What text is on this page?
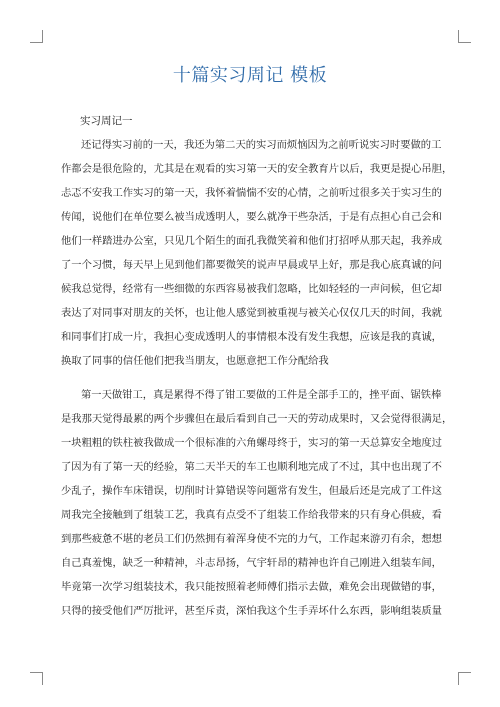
十篇实习周记 模板
实习周记一
还记得实习前的一天，我还为第二天的实习而烦恼因为之前听说实习时要做的工
作都会是很危险的，尤其是在观看的实习第一天的安全教育片以后，我更是提心吊胆，
忐忑不安我工作实习的第一天，我怀着惴惴不安的心情，之前听过很多关于实习生的
传闻，说他们在单位要么被当成透明人，要么就净干些杂活，于是有点担心自己会和
他们一样踏进办公室，只见几个陌生的面孔我微笑着和他们打招呼从那天起，我养成
了一个习惯，每天早上见到他们都要微笑的说声早晨或早上好，那是我心底真诚的问
候我总觉得，经常有一些细微的东西容易被我们忽略，比如轻轻的一声问候，但它却
表达了对同事对朋友的关怀，也让他人感觉到被重视与被关心仅仅几天的时间，我就
和同事们打成一片，我担心变成透明人的事情根本没有发生我想，应该是我的真诚，
换取了同事的信任他们把我当朋友，也愿意把工作分配给我
第一天做钳工，真是累得不得了钳工要做的工件是全部手工的，挫平面、锯铁棒
是我那天觉得最累的两个步骤但在最后看到自己一天的劳动成果时，又会觉得很满足，
一块粗粗的铁柱被我做成一个很标准的六角螺母终于，实习的第一天总算安全地度过
了因为有了第一天的经验，第二天半天的车工也顺利地完成了不过，其中也出现了不
少乱子，操作车床错误，切削时计算错误等问题常有发生，但最后还是完成了工件这
周我完全接触到了组装工艺，我真有点受不了组装工作给我带来的只有身心俱疲，看
到那些疲惫不堪的老员工们仍然拥有着浑身使不完的力气，工作起来游刃有余，想想
自己真羞愧，缺乏一种精神，斗志昂扬，气宇轩昂的精神也许自己刚进入组装车间，
毕竟第一次学习组装技术，我只能按照着老师傅们指示去做，难免会出现做错的事，
只得的接受他们严厉批评，甚至斥责，深怕我这个生手弄坏什么东西，影响组装质量
